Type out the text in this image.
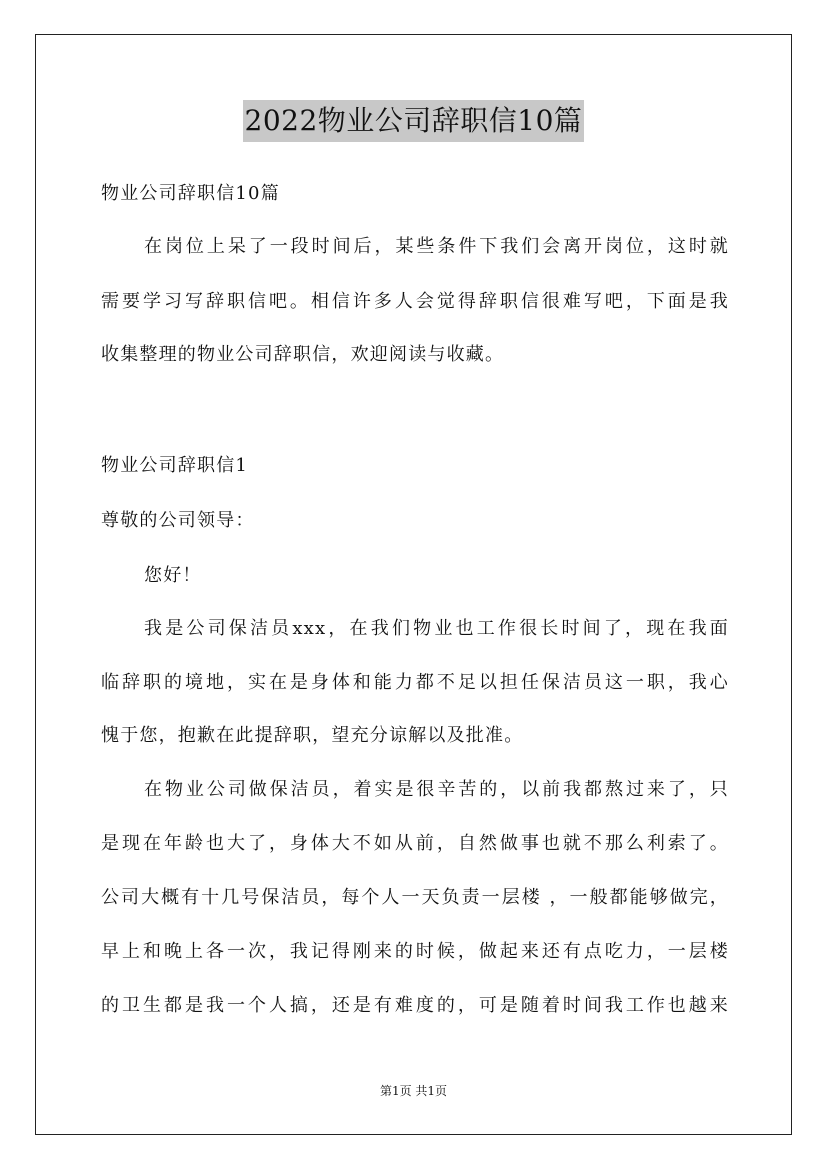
2022物业公司辞职信10篇
物业公司辞职信10篇
在岗位上呆了一段时间后，某些条件下我们会离开岗位，这时就
需要学习写辞职信吧。相信许多人会觉得辞职信很难写吧，下面是我
收集整理的物业公司辞职信，欢迎阅读与收藏。
物业公司辞职信1
尊敬的公司领导：
您好！
我是公司保洁员xxx，在我们物业也工作很长时间了，现在我面
临辞职的境地，实在是身体和能力都不足以担任保洁员这一职，我心
愧于您，抱歉在此提辞职，望充分谅解以及批准。
在物业公司做保洁员，着实是很辛苦的，以前我都熬过来了，只
是现在年龄也大了，身体大不如从前，自然做事也就不那么利索了。
公司大概有十几号保洁员，每个人一天负责一层楼 ，一般都能够做完，
早上和晚上各一次，我记得刚来的时候，做起来还有点吃力，一层楼
的卫生都是我一个人搞，还是有难度的，可是随着时间我工作也越来
第1页 共1页
